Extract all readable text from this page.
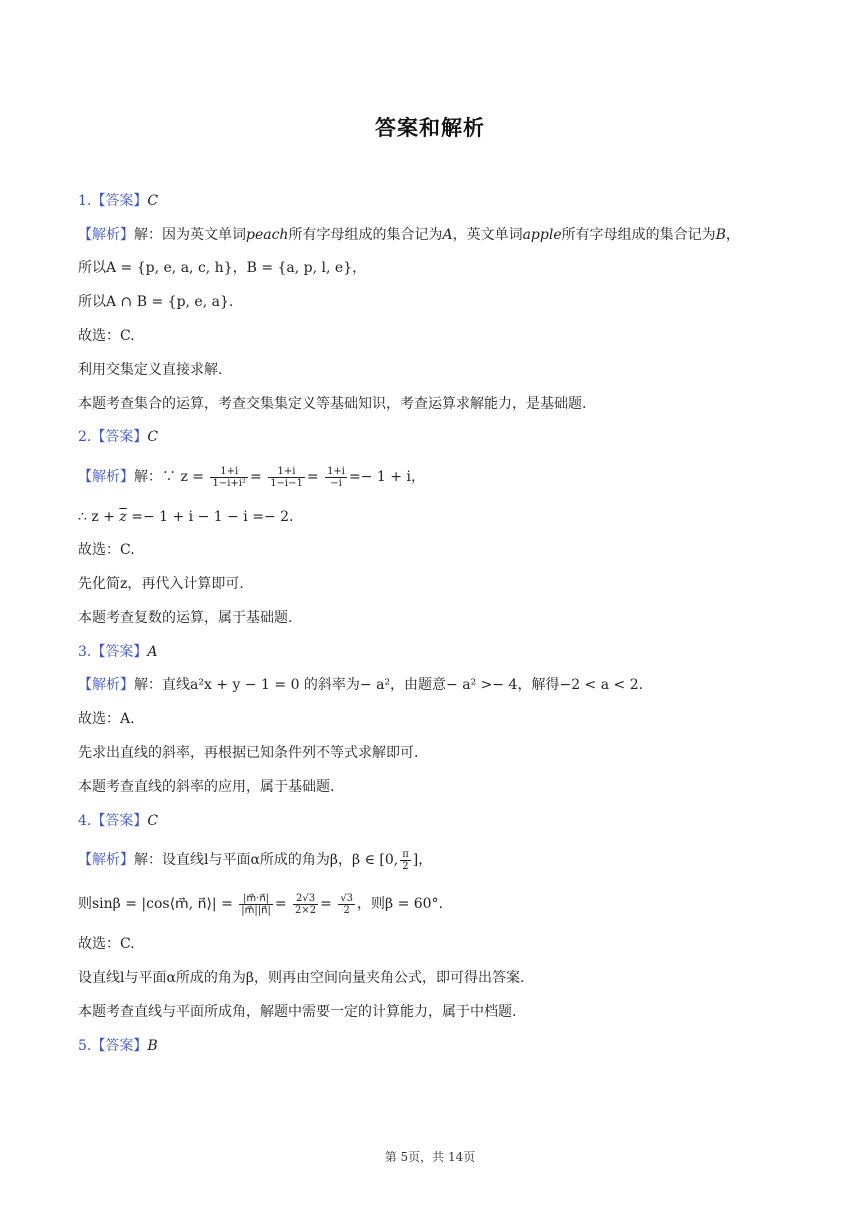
答案和解析
1.【答案】C
【解析】解：因为英文单词peach所有字母组成的集合记为A，英文单词apple所有字母组成的集合记为B，
所以A = {p, e, a, c, h}，B = {a, p, l, e}，
所以A ∩ B = {p, e, a}.
故选：C.
利用交集定义直接求解.
本题考查集合的运算，考查交集集定义等基础知识，考查运算求解能力，是基础题.
2.【答案】C
【解析】解：∵ $z = \frac{1+i}{\text{1−i+i²}} = \frac{1+i}{1-i-1} = \frac{1+i}{-i} =- 1 + i$，
∴ $z + \overline{z} =- 1 + i - 1 - i =- 2$.
故选：C.
先化简z，再代入计算即可.
本题考查复数的运算，属于基础题.
3.【答案】A
【解析】解：直线a²x + y − 1 = 0 的斜率为− a²，由题意− a² >− 4，解得−2 < a < 2.
故选：A.
先求出直线的斜率，再根据已知条件列不等式求解即可.
本题考查直线的斜率的应用，属于基础题.
4.【答案】C
【解析】解：设直线l与平面α所成的角为β，β ∈ [0, $\frac{\pi}{2}$ ]，
则sinβ = |cos⟨m⃗, n⃗⟩| = $\frac{|m⃗\cdot n⃗|}{|m⃗||n⃗|} = \frac{2√3}{2\times 2} = \frac{√3}{2}$ ，则β = 60°.
故选：C.
设直线l与平面α所成的角为β，则再由空间向量夹角公式，即可得出答案.
本题考查直线与平面所成角，解题中需要一定的计算能力，属于中档题.
5.【答案】B
第 5页，共 14页
